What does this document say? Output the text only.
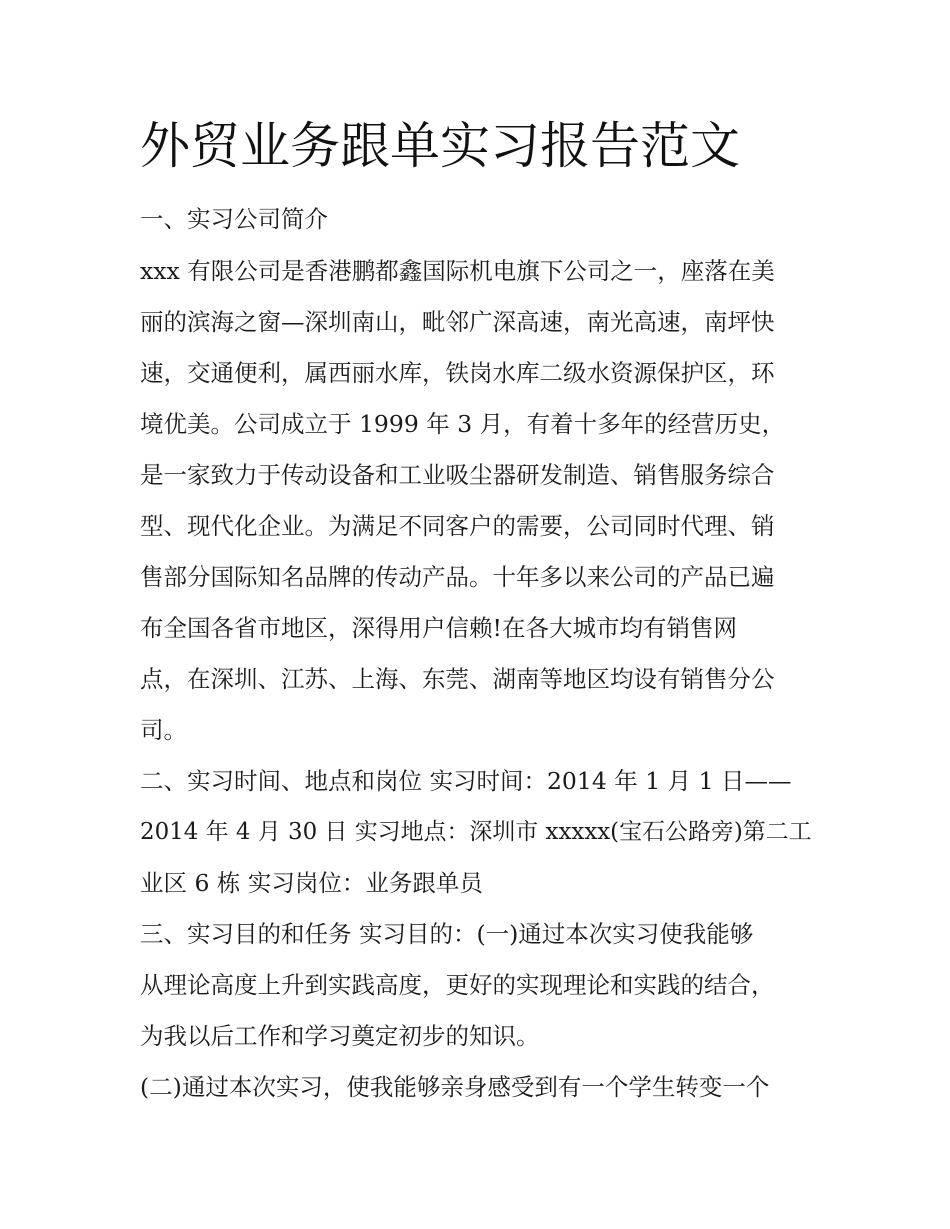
外贸业务跟单实习报告范文

一、实习公司简介

xxx 有限公司是香港鹏都鑫国际机电旗下公司之一，座落在美

丽的滨海之窗—深圳南山，毗邻广深高速，南光高速，南坪快

速，交通便利，属西丽水库，铁岗水库二级水资源保护区，环

境优美。公司成立于 1999 年 3 月，有着十多年的经营历史，

是一家致力于传动设备和工业吸尘器研发制造、销售服务综合

型、现代化企业。为满足不同客户的需要，公司同时代理、销

售部分国际知名品牌的传动产品。十年多以来公司的产品已遍

布全国各省市地区，深得用户信赖!在各大城市均有销售网

点，在深圳、江苏、上海、东莞、湖南等地区均设有销售分公

司。

二、实习时间、地点和岗位 实习时间：2014 年 1 月 1 日——

2014 年 4 月 30 日 实习地点：深圳市 xxxxx(宝石公路旁)第二工

业区 6 栋 实习岗位：业务跟单员

三、实习目的和任务 实习目的：(一)通过本次实习使我能够

从理论高度上升到实践高度，更好的实现理论和实践的结合，

为我以后工作和学习奠定初步的知识。

(二)通过本次实习，使我能够亲身感受到有一个学生转变一个
